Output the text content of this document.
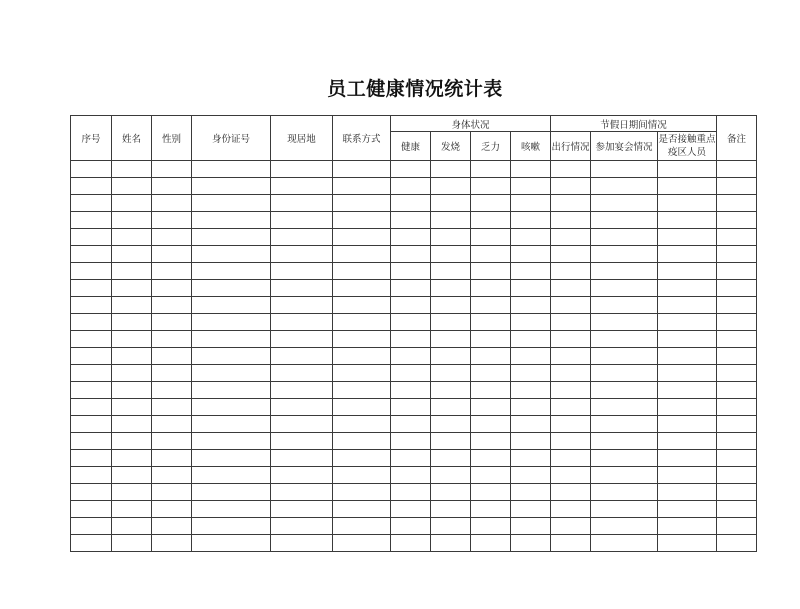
员工健康情况统计表
序号	姓名	性别	身份证号	现居地	联系方式	身体状况				节假日期间情况			备注
						健康	发烧	乏力	咳嗽	出行情况	参加宴会情况	是否接触重点疫区人员	
